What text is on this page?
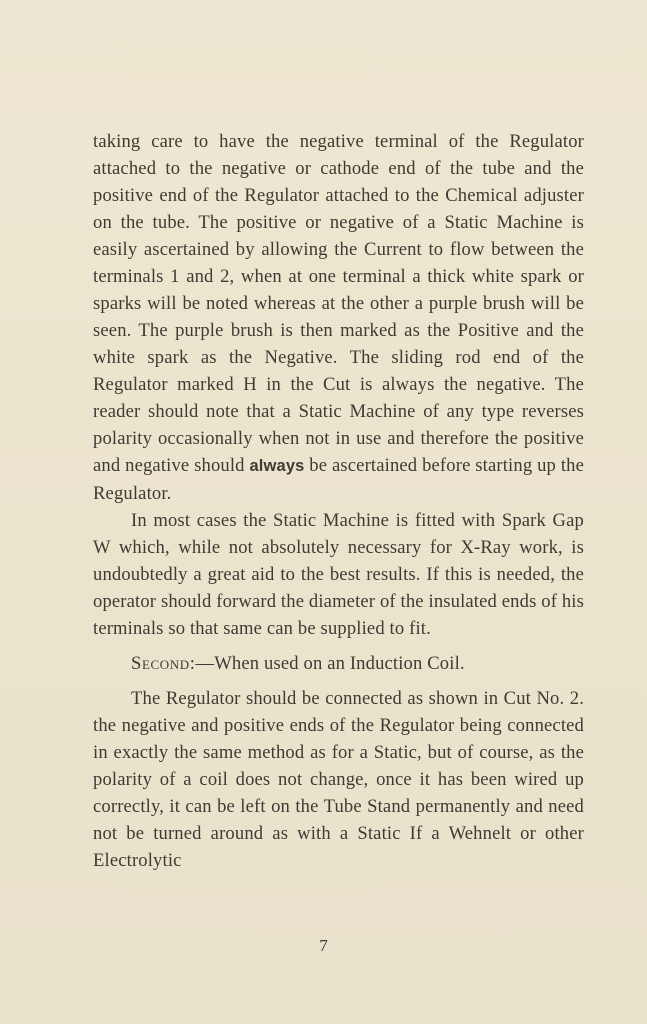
taking care to have the negative terminal of the Regulator attached to the negative or cathode end of the tube and the positive end of the Regulator attached to the Chemical adjuster on the tube. The positive or negative of a Static Machine is easily ascertained by allowing the Current to flow between the terminals 1 and 2, when at one terminal a thick white spark or sparks will be noted whereas at the other a purple brush will be seen. The purple brush is then marked as the Positive and the white spark as the Negative. The sliding rod end of the Regulator marked H in the Cut is always the negative. The reader should note that a Static Machine of any type reverses polarity occasionally when not in use and therefore the positive and negative should always be ascertained before starting up the Regulator.

In most cases the Static Machine is fitted with Spark Gap W which, while not absolutely necessary for X-Ray work, is undoubtedly a great aid to the best results. If this is needed, the operator should forward the diameter of the insulated ends of his terminals so that same can be supplied to fit.

Second:—When used on an Induction Coil.

The Regulator should be connected as shown in Cut No. 2. the negative and positive ends of the Regulator being connected in exactly the same method as for a Static, but of course, as the polarity of a coil does not change, once it has been wired up correctly, it can be left on the Tube Stand permanently and need not be turned around as with a Static If a Wehnelt or other Electrolytic

7
